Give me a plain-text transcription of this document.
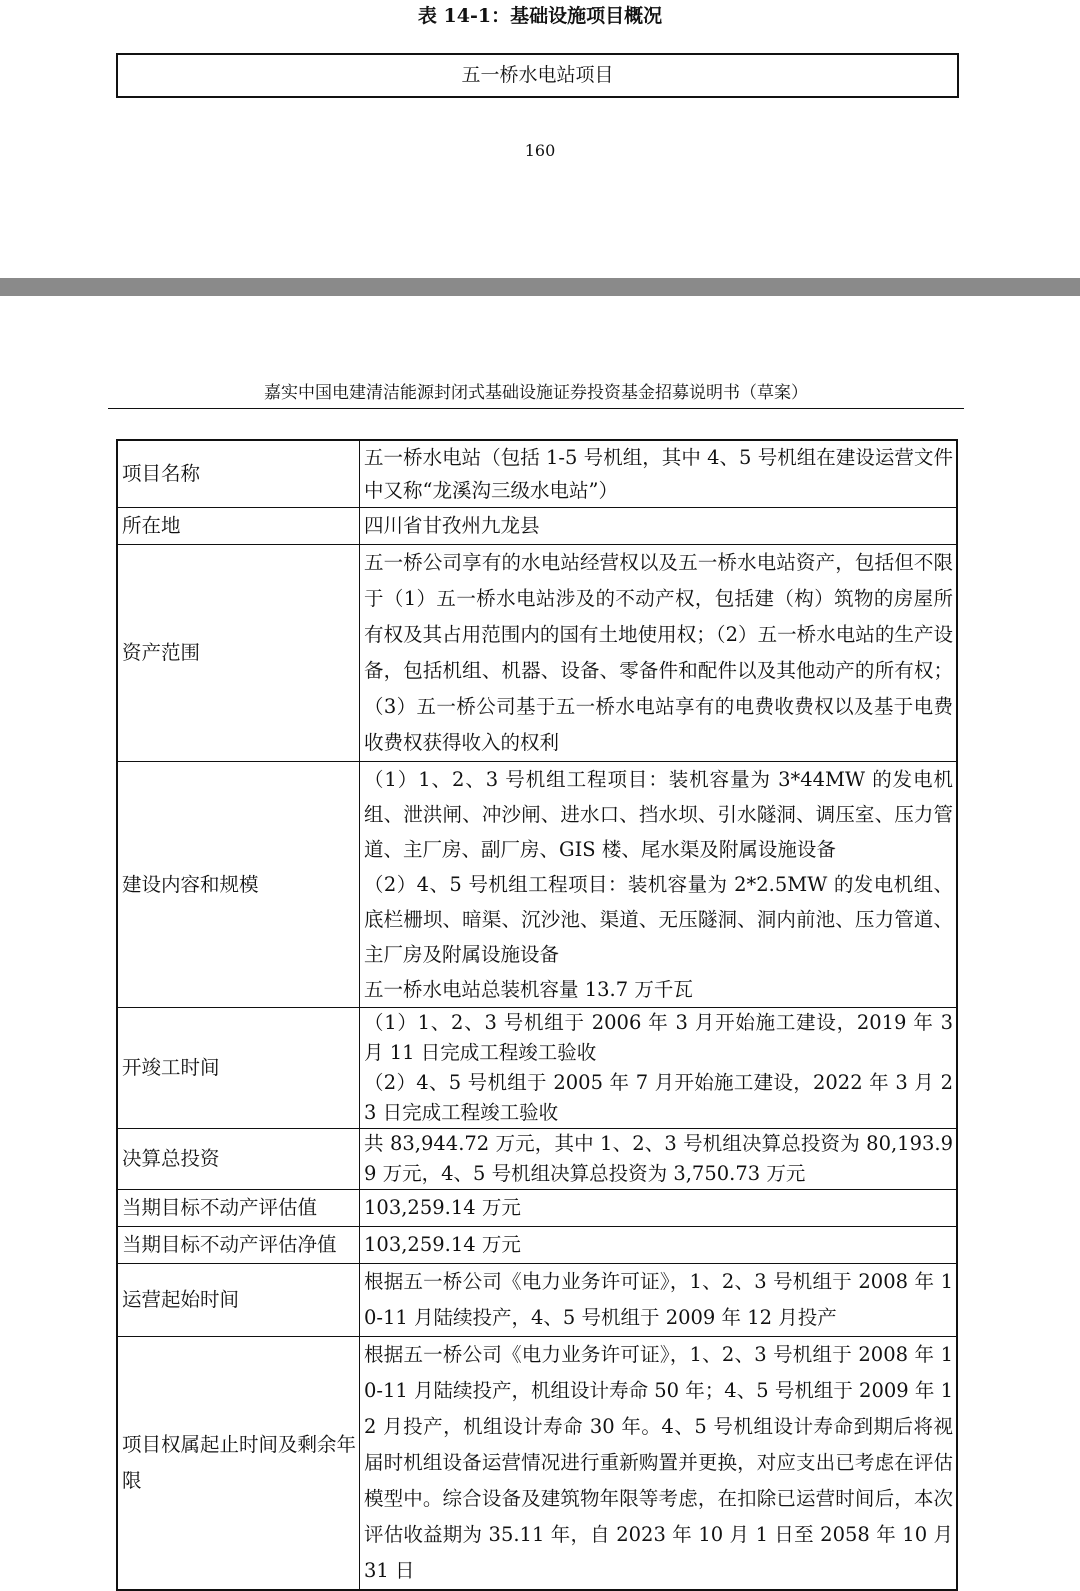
表 14-1：基础设施项目概况
五一桥水电站项目
160
嘉实中国电建清洁能源封闭式基础设施证券投资基金招募说明书（草案）
项目名称	五一桥水电站（包括 1-5 号机组，其中 4、5 号机组在建设运营文件中又称“龙溪沟三级水电站”）
所在地	四川省甘孜州九龙县
资产范围	五一桥公司享有的水电站经营权以及五一桥水电站资产，包括但不限于（1）五一桥水电站涉及的不动产权，包括建（构）筑物的房屋所有权及其占用范围内的国有土地使用权；（2）五一桥水电站的生产设备，包括机组、机器、设备、零备件和配件以及其他动产的所有权；（3）五一桥公司基于五一桥水电站享有的电费收费权以及基于电费收费权获得收入的权利
建设内容和规模	（1）1、2、3 号机组工程项目：装机容量为 3*44MW 的发电机组、泄洪闸、冲沙闸、进水口、挡水坝、引水隧洞、调压室、压力管道、主厂房、副厂房、GIS 楼、尾水渠及附属设施设备
（2）4、5 号机组工程项目：装机容量为 2*2.5MW 的发电机组、底栏栅坝、暗渠、沉沙池、渠道、无压隧洞、洞内前池、压力管道、主厂房及附属设施设备
五一桥水电站总装机容量 13.7 万千瓦

开竣工时间	（1）1、2、3 号机组于 2006 年 3 月开始施工建设，2019 年 3 月 11 日完成工程竣工验收
（2）4、5 号机组于 2005 年 7 月开始施工建设，2022 年 3 月 23 日完成工程竣工验收

决算总投资	共 83,944.72 万元，其中 1、2、3 号机组决算总投资为 80,193.99 万元，4、5 号机组决算总投资为 3,750.73 万元
当期目标不动产评估值	103,259.14 万元
当期目标不动产评估净值	103,259.14 万元
运营起始时间	根据五一桥公司《电力业务许可证》，1、2、3 号机组于 2008 年 10-11 月陆续投产，4、5 号机组于 2009 年 12 月投产
项目权属起止时间及剩余年限	根据五一桥公司《电力业务许可证》，1、2、3 号机组于 2008 年 10-11 月陆续投产，机组设计寿命 50 年；4、5 号机组于 2009 年 12 月投产，机组设计寿命 30 年。4、5 号机组设计寿命到期后将视届时机组设备运营情况进行重新购置并更换，对应支出已考虑在评估模型中。综合设备及建筑物年限等考虑，在扣除已运营时间后，本次评估收益期为 35.11 年，自 2023 年 10 月 1 日至 2058 年 10 月 31 日
